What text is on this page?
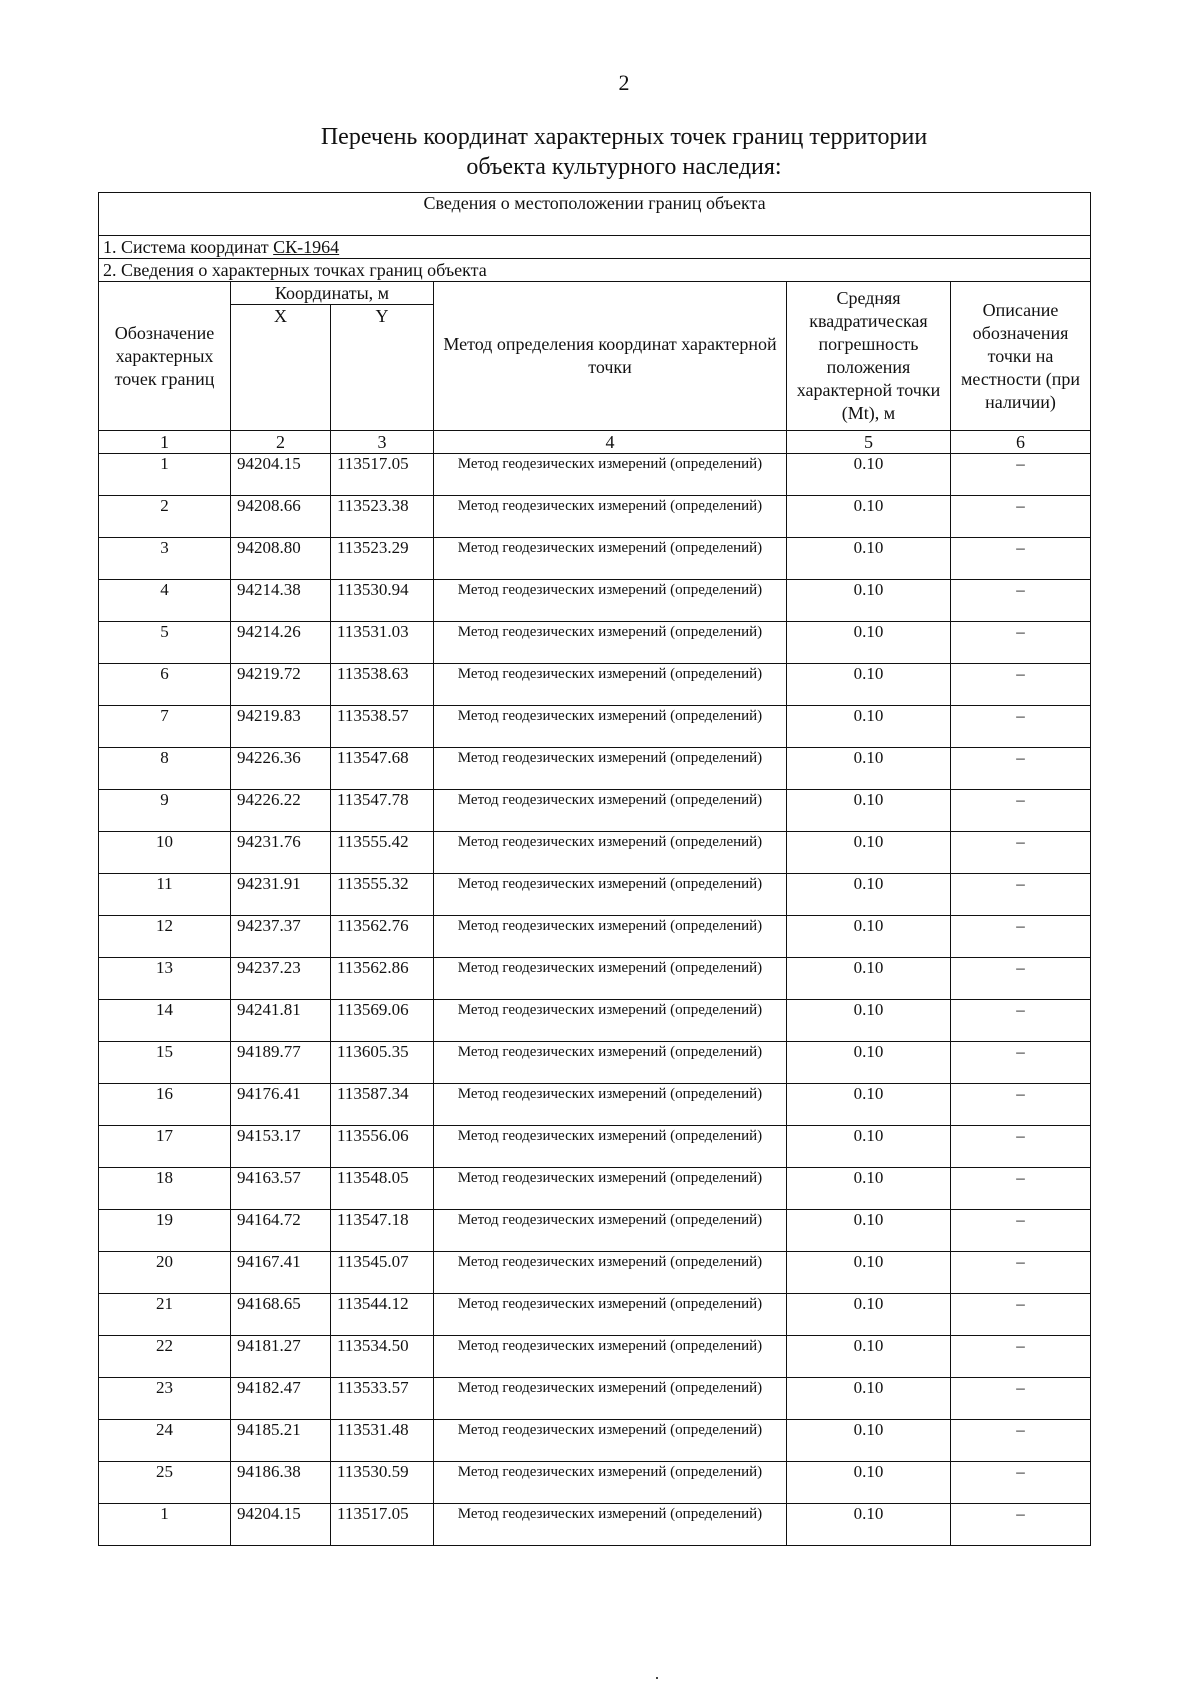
2
Перечень координат характерных точек границ территории
объекта культурного наследия:
Сведения о местоположении границ объекта					
1. Система координат СК-1964					
2. Сведения о характерных точках границ объекта					
Обозначение характерных точек границ	Координаты, м		Метод определения координат характерной точки	Средняя квадратическая погрешность положения характерной точки (Mt), м	Описание обозначения точки на местности (при наличии)
	X	Y			
1	2	3	4	5	6
1	94204.15	113517.05	Метод геодезических измерений (определений)	0.10	–
2	94208.66	113523.38	Метод геодезических измерений (определений)	0.10	–
3	94208.80	113523.29	Метод геодезических измерений (определений)	0.10	–
4	94214.38	113530.94	Метод геодезических измерений (определений)	0.10	–
5	94214.26	113531.03	Метод геодезических измерений (определений)	0.10	–
6	94219.72	113538.63	Метод геодезических измерений (определений)	0.10	–
7	94219.83	113538.57	Метод геодезических измерений (определений)	0.10	–
8	94226.36	113547.68	Метод геодезических измерений (определений)	0.10	–
9	94226.22	113547.78	Метод геодезических измерений (определений)	0.10	–
10	94231.76	113555.42	Метод геодезических измерений (определений)	0.10	–
11	94231.91	113555.32	Метод геодезических измерений (определений)	0.10	–
12	94237.37	113562.76	Метод геодезических измерений (определений)	0.10	–
13	94237.23	113562.86	Метод геодезических измерений (определений)	0.10	–
14	94241.81	113569.06	Метод геодезических измерений (определений)	0.10	–
15	94189.77	113605.35	Метод геодезических измерений (определений)	0.10	–
16	94176.41	113587.34	Метод геодезических измерений (определений)	0.10	–
17	94153.17	113556.06	Метод геодезических измерений (определений)	0.10	–
18	94163.57	113548.05	Метод геодезических измерений (определений)	0.10	–
19	94164.72	113547.18	Метод геодезических измерений (определений)	0.10	–
20	94167.41	113545.07	Метод геодезических измерений (определений)	0.10	–
21	94168.65	113544.12	Метод геодезических измерений (определений)	0.10	–
22	94181.27	113534.50	Метод геодезических измерений (определений)	0.10	–
23	94182.47	113533.57	Метод геодезических измерений (определений)	0.10	–
24	94185.21	113531.48	Метод геодезических измерений (определений)	0.10	–
25	94186.38	113530.59	Метод геодезических измерений (определений)	0.10	–
1	94204.15	113517.05	Метод геодезических измерений (определений)	0.10	–
